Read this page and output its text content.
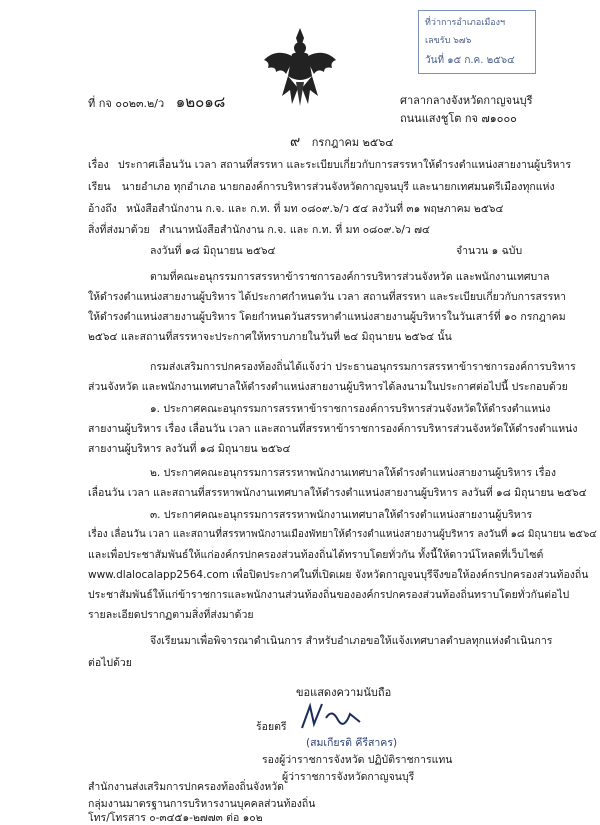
ที่ว่าการอำเภอเมืองฯ
เลขรับ ๖๗๖
วันที่ ๑๕ ก.ค. ๒๕๖๔
ที่ กจ ๐๐๒๓.๒/ว ๑๒๐๑๘	ศาลากลางจังหวัดกาญจนบุรี
ถนนแสงชูโต กจ ๗๑๐๐๐
๙ กรกฎาคม ๒๕๖๔
เรื่อง ประกาศเลื่อนวัน เวลา สถานที่สรรหา และระเบียบเกี่ยวกับการสรรหาให้ดำรงตำแหน่งสายงานผู้บริหาร
เรียน นายอำเภอ ทุกอำเภอ นายกองค์การบริหารส่วนจังหวัดกาญจนบุรี และนายกเทศมนตรีเมืองทุกแห่ง
อ้างถึง หนังสือสำนักงาน ก.จ. และ ก.ท. ที่ มท ๐๘๐๙.๖/ว ๕๔ ลงวันที่ ๓๑ พฤษภาคม ๒๕๖๔
สิ่งที่ส่งมาด้วย สำเนาหนังสือสำนักงาน ก.จ. และ ก.ท. ที่ มท ๐๘๐๙.๖/ว ๗๔
ลงวันที่ ๑๘ มิถุนายน ๒๕๖๔	จำนวน ๑ ฉบับ
ตามที่คณะอนุกรรมการสรรหาข้าราชการองค์การบริหารส่วนจังหวัด และพนักงานเทศบาล
ให้ดำรงตำแหน่งสายงานผู้บริหาร ได้ประกาศกำหนดวัน เวลา สถานที่สรรหา และระเบียบเกี่ยวกับการสรรหา
ให้ดำรงตำแหน่งสายงานผู้บริหาร โดยกำหนดวันสรรหาตำแหน่งสายงานผู้บริหารในวันเสาร์ที่ ๑๐ กรกฎาคม
๒๕๖๔ และสถานที่สรรหาจะประกาศให้ทราบภายในวันที่ ๒๔ มิถุนายน ๒๕๖๔ นั้น
กรมส่งเสริมการปกครองท้องถิ่นได้แจ้งว่า ประธานอนุกรรมการสรรหาข้าราชการองค์การบริหาร
ส่วนจังหวัด และพนักงานเทศบาลให้ดำรงตำแหน่งสายงานผู้บริหารได้ลงนามในประกาศต่อไปนี้ ประกอบด้วย
๑. ประกาศคณะอนุกรรมการสรรหาข้าราชการองค์การบริหารส่วนจังหวัดให้ดำรงตำแหน่ง
สายงานผู้บริหาร เรื่อง เลื่อนวัน เวลา และสถานที่สรรหาข้าราชการองค์การบริหารส่วนจังหวัดให้ดำรงตำแหน่ง
สายงานผู้บริหาร ลงวันที่ ๑๘ มิถุนายน ๒๕๖๔
๒. ประกาศคณะอนุกรรมการสรรหาพนักงานเทศบาลให้ดำรงตำแหน่งสายงานผู้บริหาร เรื่อง
เลื่อนวัน เวลา และสถานที่สรรหาพนักงานเทศบาลให้ดำรงตำแหน่งสายงานผู้บริหาร ลงวันที่ ๑๘ มิถุนายน ๒๕๖๔
๓. ประกาศคณะอนุกรรมการสรรหาพนักงานเทศบาลให้ดำรงตำแหน่งสายงานผู้บริหาร
เรื่อง เลื่อนวัน เวลา และสถานที่สรรหาพนักงานเมืองพัทยาให้ดำรงตำแหน่งสายงานผู้บริหาร ลงวันที่ ๑๘ มิถุนายน ๒๕๖๔
และเพื่อประชาสัมพันธ์ให้แก่องค์กรปกครองส่วนท้องถิ่นได้ทราบโดยทั่วกัน ทั้งนี้ให้ดาวน์โหลดที่เว็บไซต์
www.dlalocalapp2564.com เพื่อปิดประกาศในที่เปิดเผย จังหวัดกาญจนบุรีจึงขอให้องค์กรปกครองส่วนท้องถิ่น
ประชาสัมพันธ์ให้แก่ข้าราชการและพนักงานส่วนท้องถิ่นขององค์กรปกครองส่วนท้องถิ่นทราบโดยทั่วกันต่อไป
รายละเอียดปรากฏตามสิ่งที่ส่งมาด้วย
จึงเรียนมาเพื่อพิจารณาดำเนินการ สำหรับอำเภอขอให้แจ้งเทศบาลตำบลทุกแห่งดำเนินการ
ต่อไปด้วย
ขอแสดงความนับถือ
ร้อยตรี
(สมเกียรติ คีรีสาคร)
รองผู้ว่าราชการจังหวัด ปฏิบัติราชการแทน
ผู้ว่าราชการจังหวัดกาญจนบุรี
สำนักงานส่งเสริมการปกครองท้องถิ่นจังหวัด
กลุ่มงานมาตรฐานการบริหารงานบุคคลส่วนท้องถิ่น
โทร/โทรสาร ๐-๓๔๕๑-๒๗๗๓ ต่อ ๑๐๒
